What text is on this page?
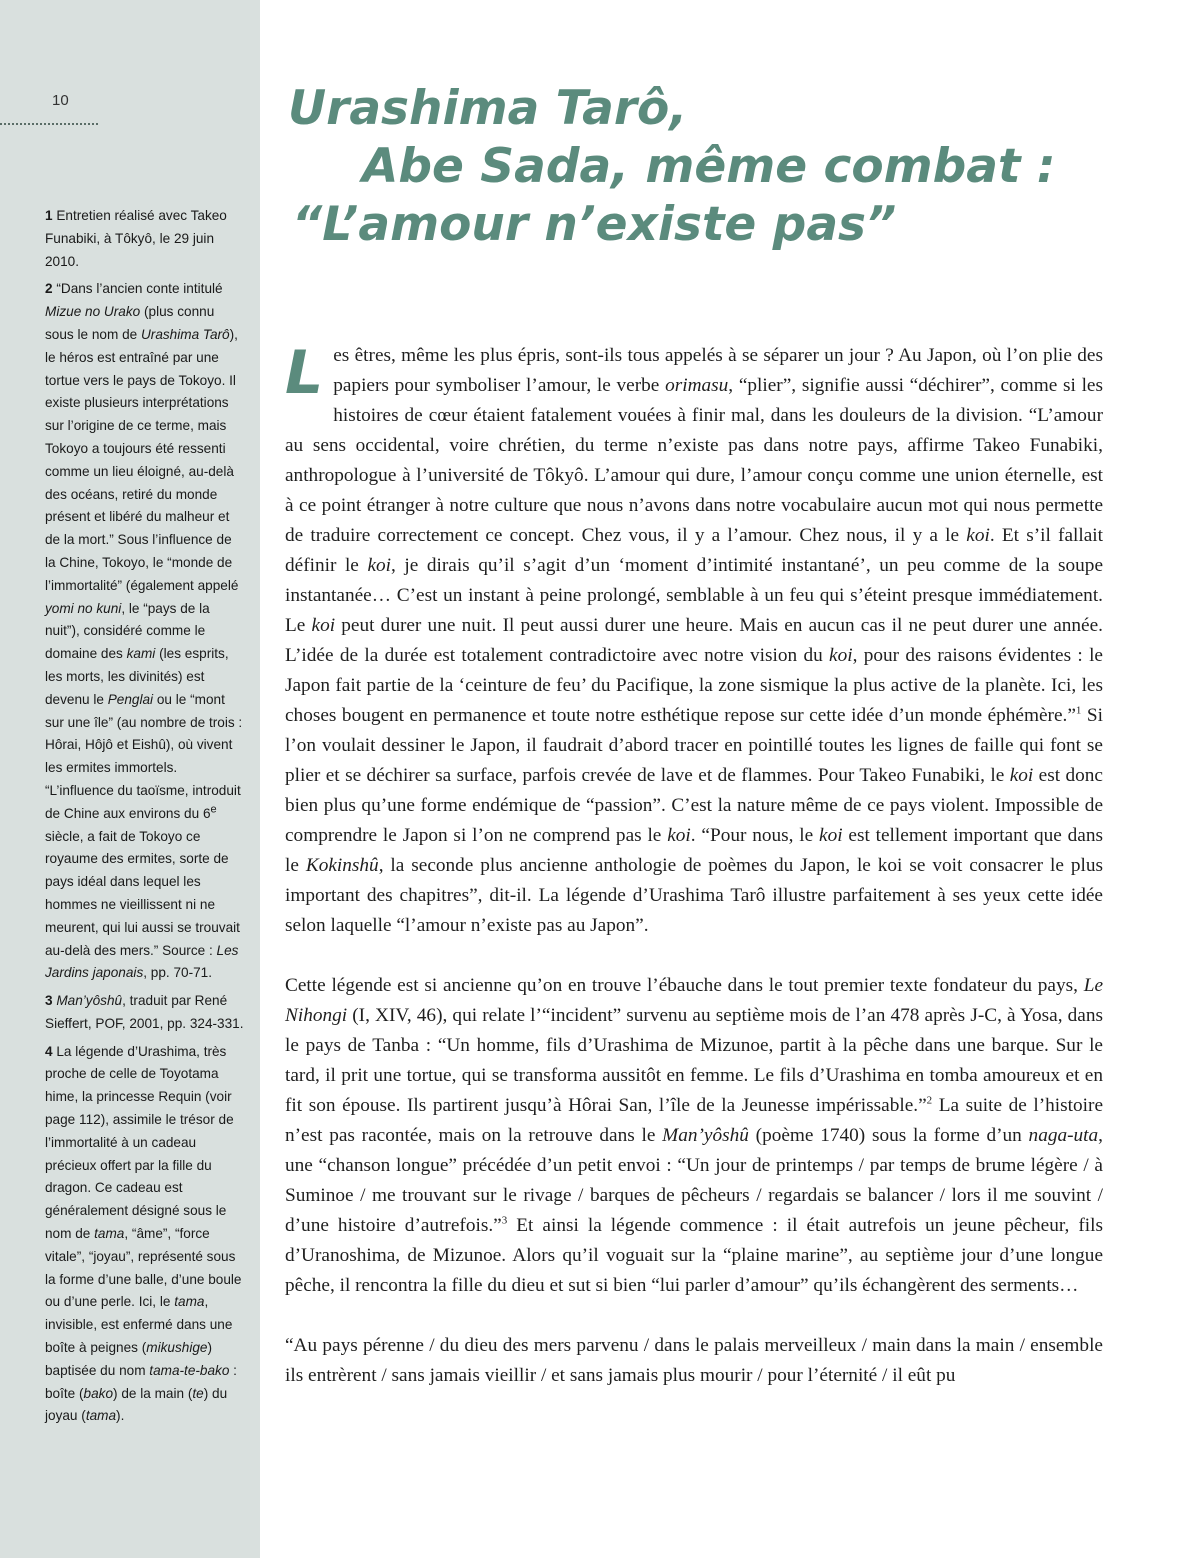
10

1 Entretien réalisé avec Takeo Funabiki, à Tôkyô, le 29 juin 2010.

2 “Dans l’ancien conte intitulé Mizue no Urako (plus connu sous le nom de Urashima Tarô), le héros est entraîné par une tortue vers le pays de Tokoyo. Il existe plusieurs interprétations sur l’origine de ce terme, mais Tokoyo a toujours été ressenti comme un lieu éloigné, au-delà des océans, retiré du monde présent et libéré du malheur et de la mort.” Sous l’influence de la Chine, Tokoyo, le “monde de l’immortalité” (également appelé yomi no kuni, le “pays de la nuit”), considéré comme le domaine des kami (les esprits, les morts, les divinités) est devenu le Penglai ou le “mont sur une île” (au nombre de trois : Hôrai, Hôjô et Eishû), où vivent les ermites immortels. “L’influence du taoïsme, introduit de Chine aux environs du 6e siècle, a fait de Tokoyo ce royaume des ermites, sorte de pays idéal dans lequel les hommes ne vieillissent ni ne meurent, qui lui aussi se trouvait au-delà des mers.” Source : Les Jardins japonais, pp. 70-71.

3 Man’yôshû, traduit par René Sieffert, POF, 2001, pp. 324-331.

4 La légende d’Urashima, très proche de celle de Toyotama hime, la princesse Requin (voir page 112), assimile le trésor de l’immortalité à un cadeau précieux offert par la fille du dragon. Ce cadeau est généralement désigné sous le nom de tama, “âme”, “force vitale”, “joyau”, représenté sous la forme d’une balle, d’une boule ou d’une perle. Ici, le tama, invisible, est enfermé dans une boîte à peignes (mikushige) baptisée du nom tama-te-bako : boîte (bako) de la main (te) du joyau (tama).

Urashima Tarô,
Abe Sada, même combat :
“L’amour n’existe pas”

Les êtres, même les plus épris, sont-ils tous appelés à se séparer un jour ? Au Japon, où l’on plie des papiers pour symboliser l’amour, le verbe orimasu, “plier”, signifie aussi “déchirer”, comme si les histoires de cœur étaient fatalement vouées à finir mal, dans les douleurs de la division. “L’amour au sens occidental, voire chrétien, du terme n’existe pas dans notre pays, affirme Takeo Funabiki, anthropologue à l’université de Tôkyô. L’amour qui dure, l’amour conçu comme une union éternelle, est à ce point étranger à notre culture que nous n’avons dans notre vocabulaire aucun mot qui nous permette de traduire correctement ce concept. Chez vous, il y a l’amour. Chez nous, il y a le koi. Et s’il fallait définir le koi, je dirais qu’il s’agit d’un ‘moment d’intimité instantané’, un peu comme de la soupe instantanée… C’est un instant à peine prolongé, semblable à un feu qui s’éteint presque immédiatement. Le koi peut durer une nuit. Il peut aussi durer une heure. Mais en aucun cas il ne peut durer une année. L’idée de la durée est totalement contradictoire avec notre vision du koi, pour des raisons évidentes : le Japon fait partie de la ‘ceinture de feu’ du Pacifique, la zone sismique la plus active de la planète. Ici, les choses bougent en permanence et toute notre esthétique repose sur cette idée d’un monde éphémère.”$^1$ Si l’on voulait dessiner le Japon, il faudrait d’abord tracer en pointillé toutes les lignes de faille qui font se plier et se déchirer sa surface, parfois crevée de lave et de flammes. Pour Takeo Funabiki, le koi est donc bien plus qu’une forme endémique de “passion”. C’est la nature même de ce pays violent. Impossible de comprendre le Japon si l’on ne comprend pas le koi. “Pour nous, le koi est tellement important que dans le Kokinshû, la seconde plus ancienne anthologie de poèmes du Japon, le koi se voit consacrer le plus important des chapitres”, dit-il. La légende d’Urashima Tarô illustre parfaitement à ses yeux cette idée selon laquelle “l’amour n’existe pas au Japon”.

Cette légende est si ancienne qu’on en trouve l’ébauche dans le tout premier texte fondateur du pays, Le Nihongi (I, XIV, 46), qui relate l’“incident” survenu au septième mois de l’an 478 après J-C, à Yosa, dans le pays de Tanba : “Un homme, fils d’Urashima de Mizunoe, partit à la pêche dans une barque. Sur le tard, il prit une tortue, qui se transforma aussitôt en femme. Le fils d’Urashima en tomba amoureux et en fit son épouse. Ils partirent jusqu’à Hôrai San, l’île de la Jeunesse impérissable.”$^2$ La suite de l’histoire n’est pas racontée, mais on la retrouve dans le Man’yôshû (poème 1740) sous la forme d’un naga-uta, une “chanson longue” précédée d’un petit envoi : “Un jour de printemps / par temps de brume légère / à Suminoe / me trouvant sur le rivage / barques de pêcheurs / regardais se balancer / lors il me souvint / d’une histoire d’autrefois.”$^3$ Et ainsi la légende commence : il était autrefois un jeune pêcheur, fils d’Uranoshima, de Mizunoe. Alors qu’il voguait sur la “plaine marine”, au septième jour d’une longue pêche, il rencontra la fille du dieu et sut si bien “lui parler d’amour” qu’ils échangèrent des serments…

“Au pays pérenne / du dieu des mers parvenu / dans le palais merveilleux / main dans la main / ensemble ils entrèrent / sans jamais vieillir / et sans jamais plus mourir / pour l’éternité / il eût pu
